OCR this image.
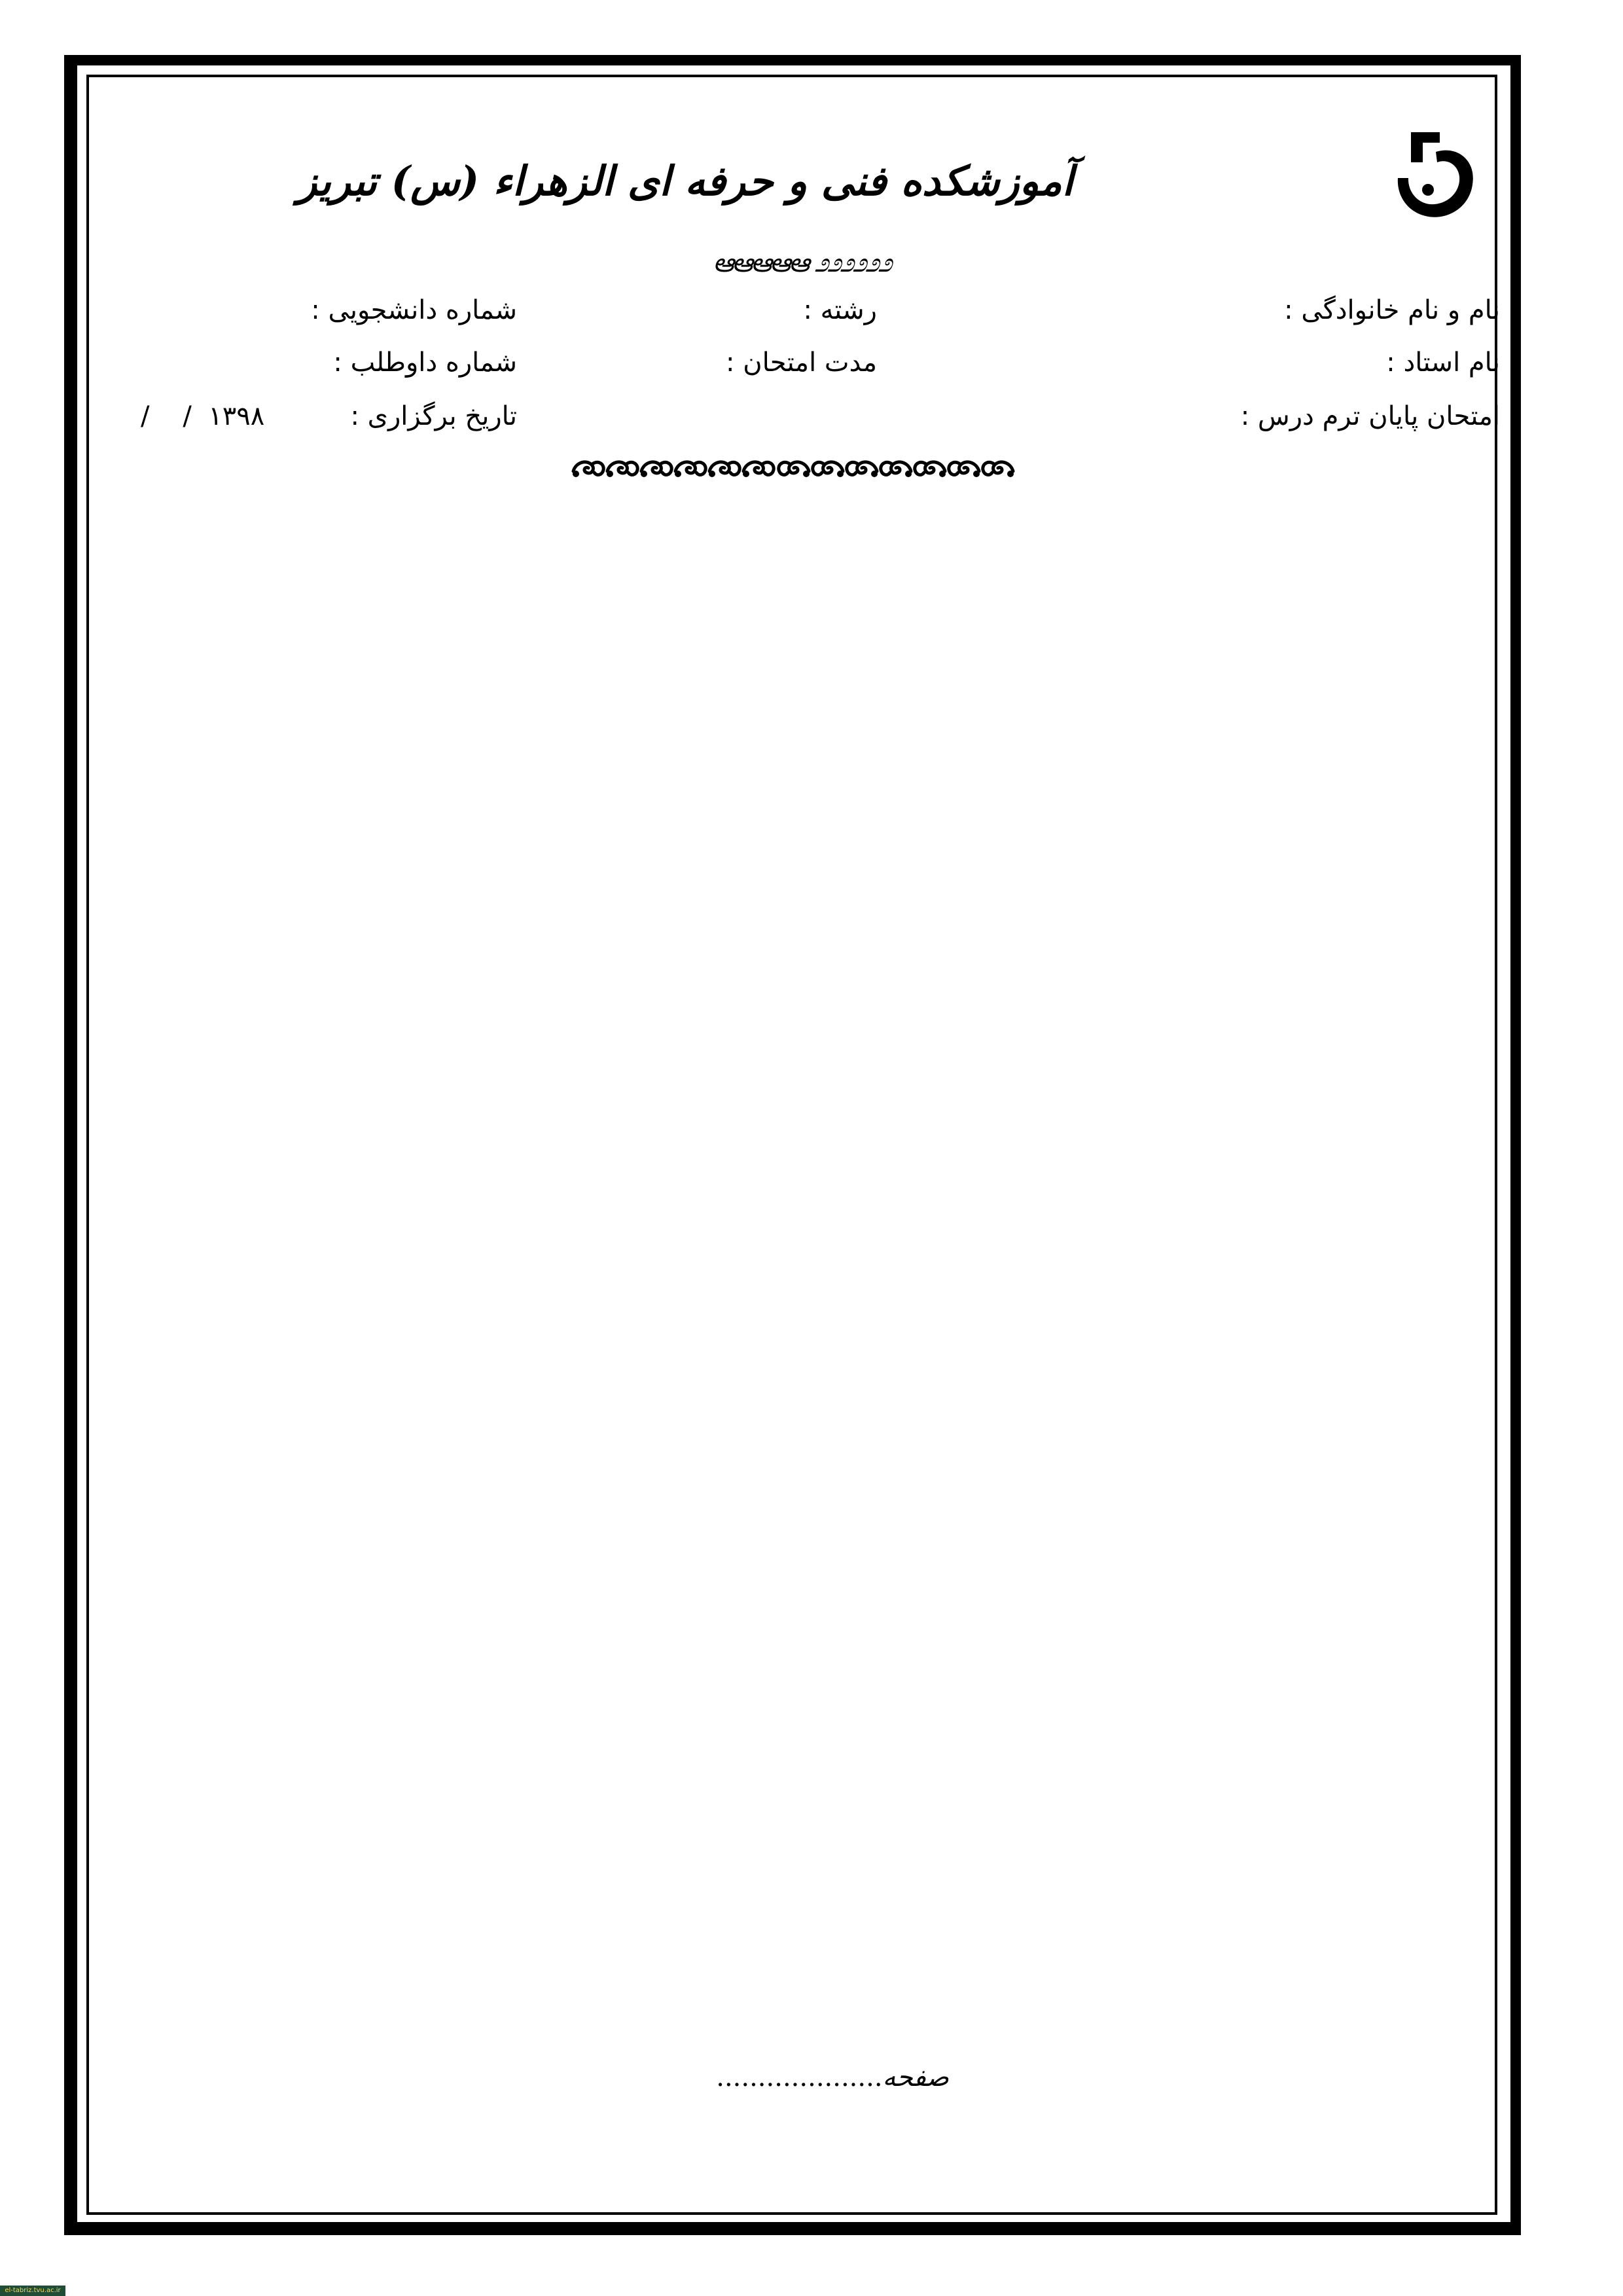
آموزشکده فنی و حرفه ای الزهراء (س) تبریز
ఆఆఆఆఆ ೨೨೨೨೨೨
نام و نام خانوادگی :
رشته :
شماره دانشجویی :
نام استاد :
مدت امتحان :
شماره داوطلب :
امتحان پایان ترم درس :
تاریخ برگزاری :
/    /  ۱۳۹۸
صفحه....................
el-tabriz.tvu.ac.ir
